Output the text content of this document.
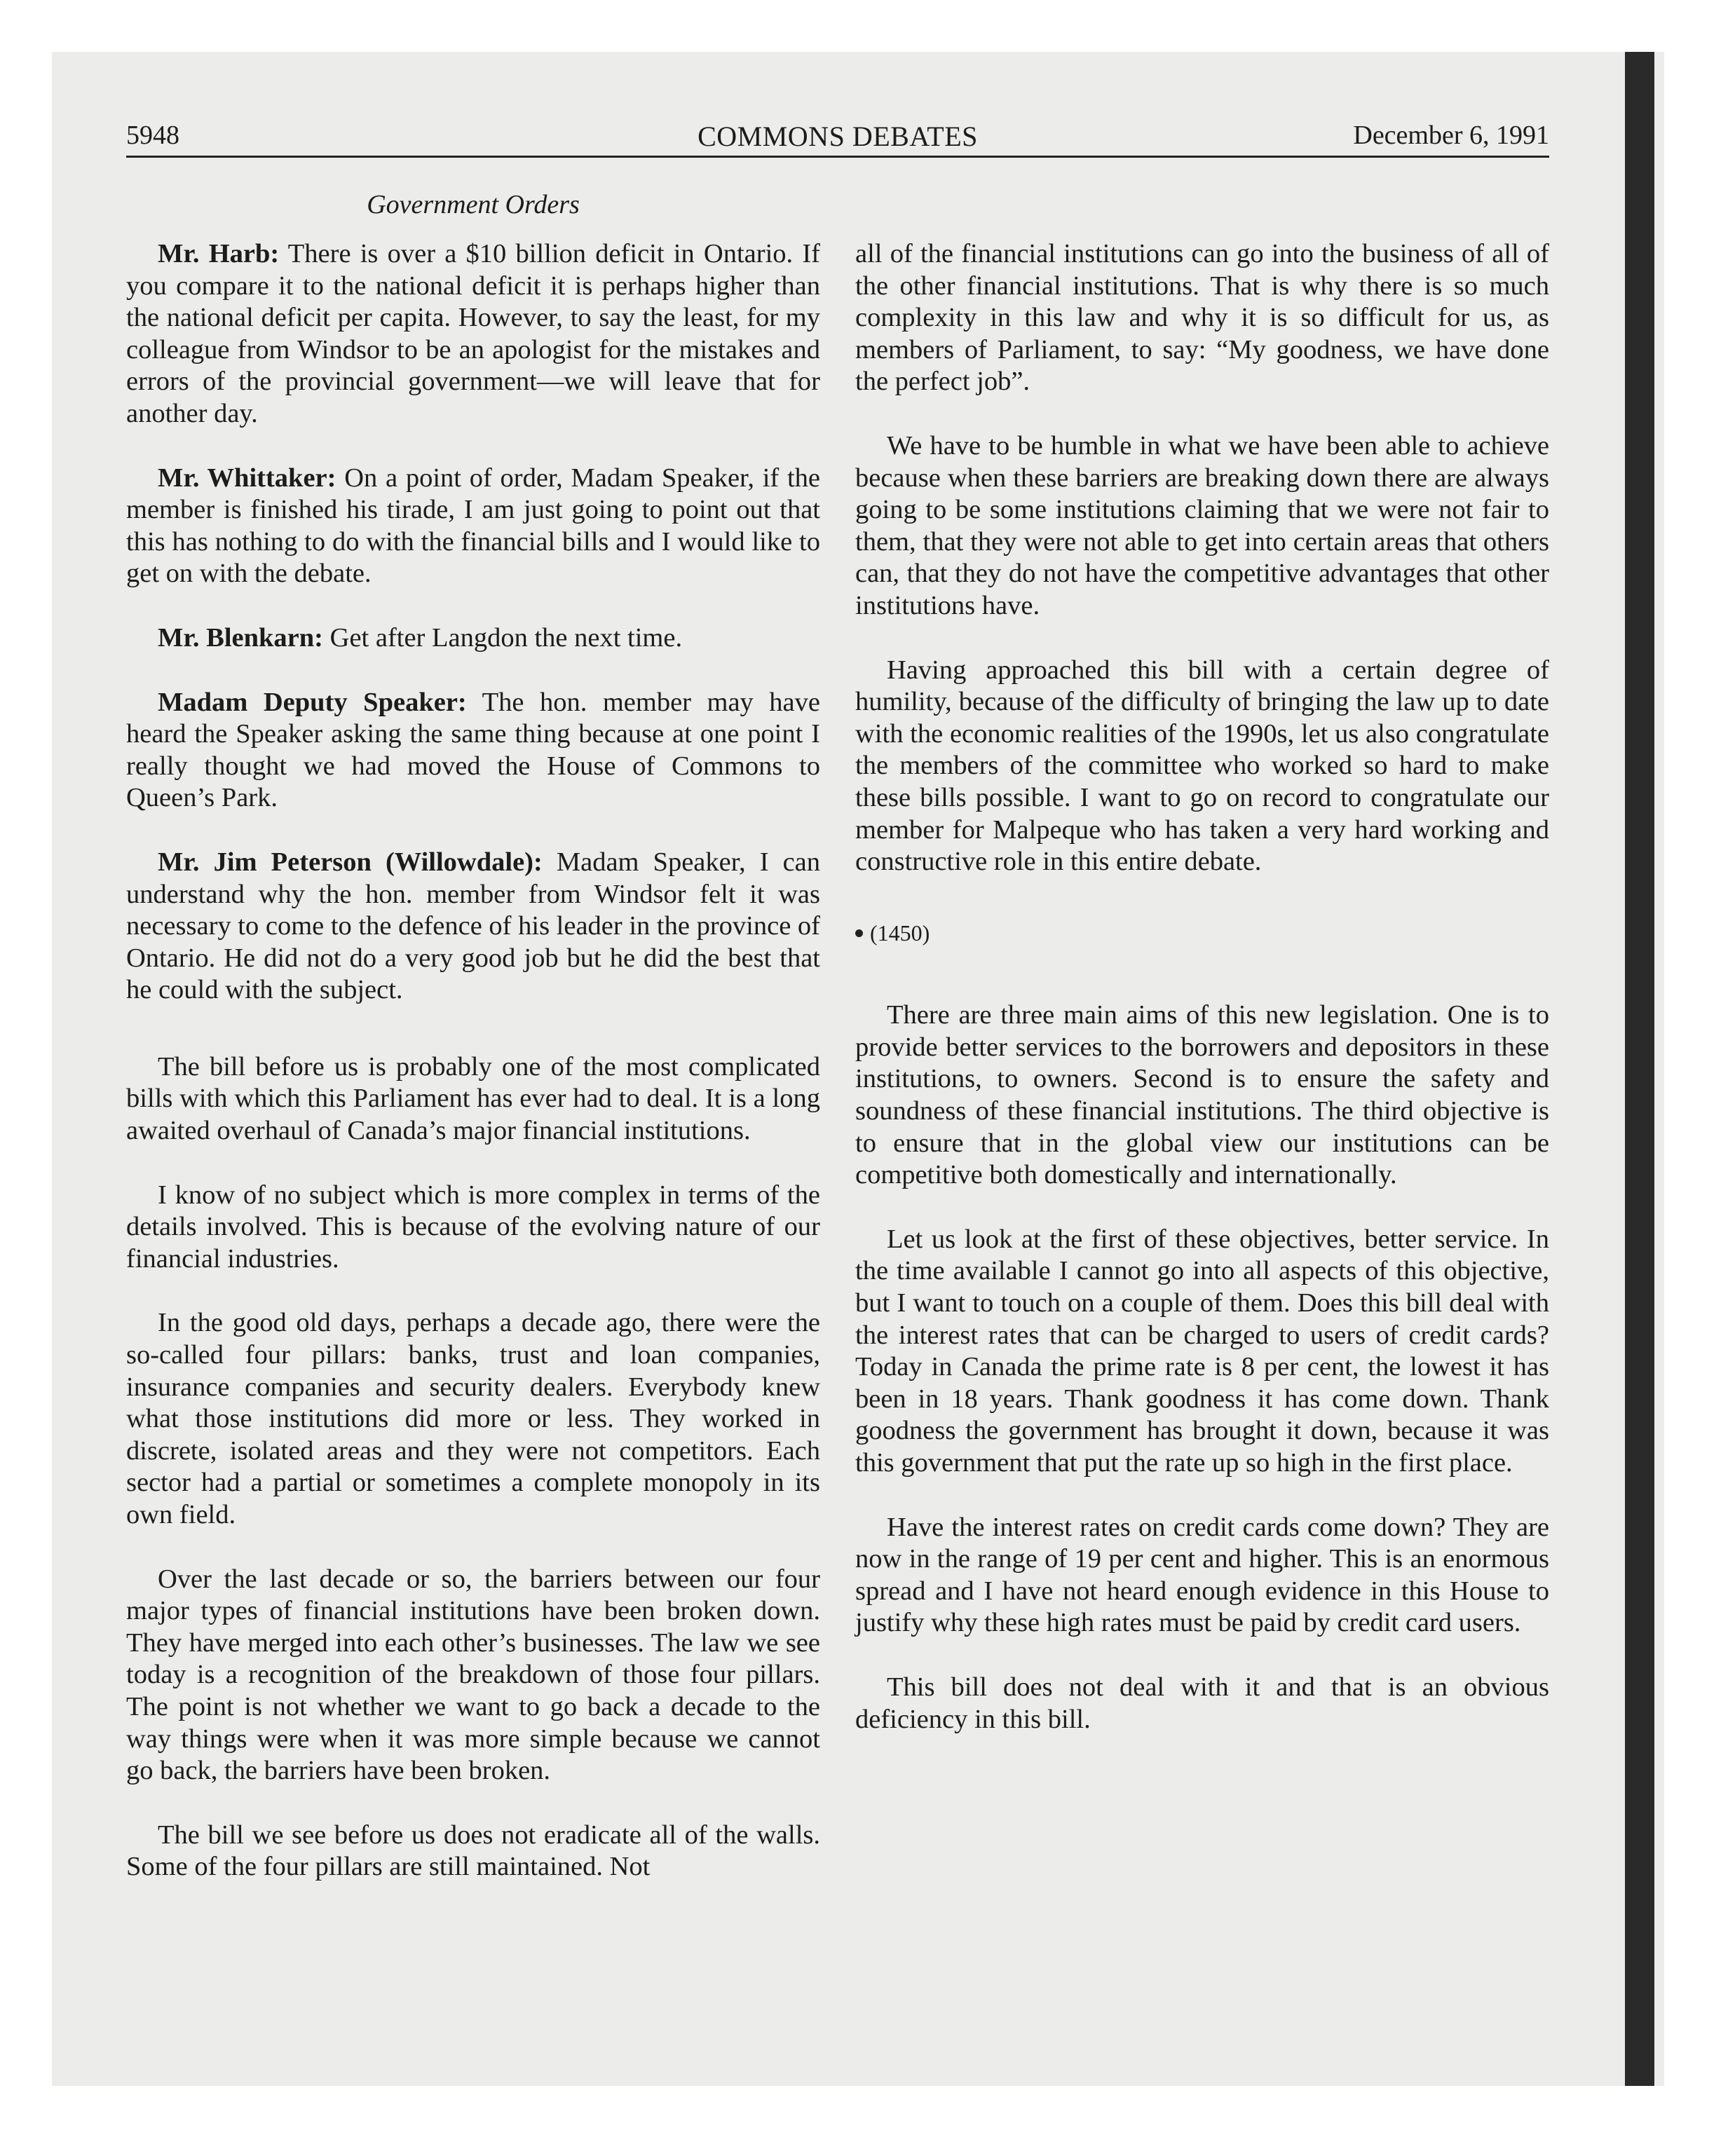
5948	COMMONS DEBATES	December 6, 1991
Government Orders

Mr. Harb: There is over a $10 billion deficit in Ontario. If you compare it to the national deficit it is perhaps higher than the national deficit per capita. However, to say the least, for my colleague from Windsor to be an apologist for the mistakes and errors of the provincial government—we will leave that for another day.

Mr. Whittaker: On a point of order, Madam Speaker, if the member is finished his tirade, I am just going to point out that this has nothing to do with the financial bills and I would like to get on with the debate.

Mr. Blenkarn: Get after Langdon the next time.

Madam Deputy Speaker: The hon. member may have heard the Speaker asking the same thing because at one point I really thought we had moved the House of Commons to Queen’s Park.

Mr. Jim Peterson (Willowdale): Madam Speaker, I can understand why the hon. member from Windsor felt it was necessary to come to the defence of his leader in the province of Ontario. He did not do a very good job but he did the best that he could with the subject.

The bill before us is probably one of the most complicated bills with which this Parliament has ever had to deal. It is a long awaited overhaul of Canada’s major financial institutions.

I know of no subject which is more complex in terms of the details involved. This is because of the evolving nature of our financial industries.

In the good old days, perhaps a decade ago, there were the so-called four pillars: banks, trust and loan companies, insurance companies and security dealers. Everybody knew what those institutions did more or less. They worked in discrete, isolated areas and they were not competitors. Each sector had a partial or sometimes a complete monopoly in its own field.

Over the last decade or so, the barriers between our four major types of financial institutions have been broken down. They have merged into each other’s businesses. The law we see today is a recognition of the breakdown of those four pillars. The point is not whether we want to go back a decade to the way things were when it was more simple because we cannot go back, the barriers have been broken.

The bill we see before us does not eradicate all of the walls. Some of the four pillars are still maintained. Not

all of the financial institutions can go into the business of all of the other financial institutions. That is why there is so much complexity in this law and why it is so difficult for us, as members of Parliament, to say: “My goodness, we have done the perfect job”.

We have to be humble in what we have been able to achieve because when these barriers are breaking down there are always going to be some institutions claiming that we were not fair to them, that they were not able to get into certain areas that others can, that they do not have the competitive advantages that other institutions have.

Having approached this bill with a certain degree of humility, because of the difficulty of bringing the law up to date with the economic realities of the 1990s, let us also congratulate the members of the committee who worked so hard to make these bills possible. I want to go on record to congratulate our member for Malpeque who has taken a very hard working and constructive role in this entire debate.

(1450)

There are three main aims of this new legislation. One is to provide better services to the borrowers and depositors in these institutions, to owners. Second is to ensure the safety and soundness of these financial institutions. The third objective is to ensure that in the global view our institutions can be competitive both domestically and internationally.

Let us look at the first of these objectives, better service. In the time available I cannot go into all aspects of this objective, but I want to touch on a couple of them. Does this bill deal with the interest rates that can be charged to users of credit cards? Today in Canada the prime rate is 8 per cent, the lowest it has been in 18 years. Thank goodness it has come down. Thank goodness the government has brought it down, because it was this government that put the rate up so high in the first place.

Have the interest rates on credit cards come down? They are now in the range of 19 per cent and higher. This is an enormous spread and I have not heard enough evidence in this House to justify why these high rates must be paid by credit card users.

This bill does not deal with it and that is an obvious deficiency in this bill.
